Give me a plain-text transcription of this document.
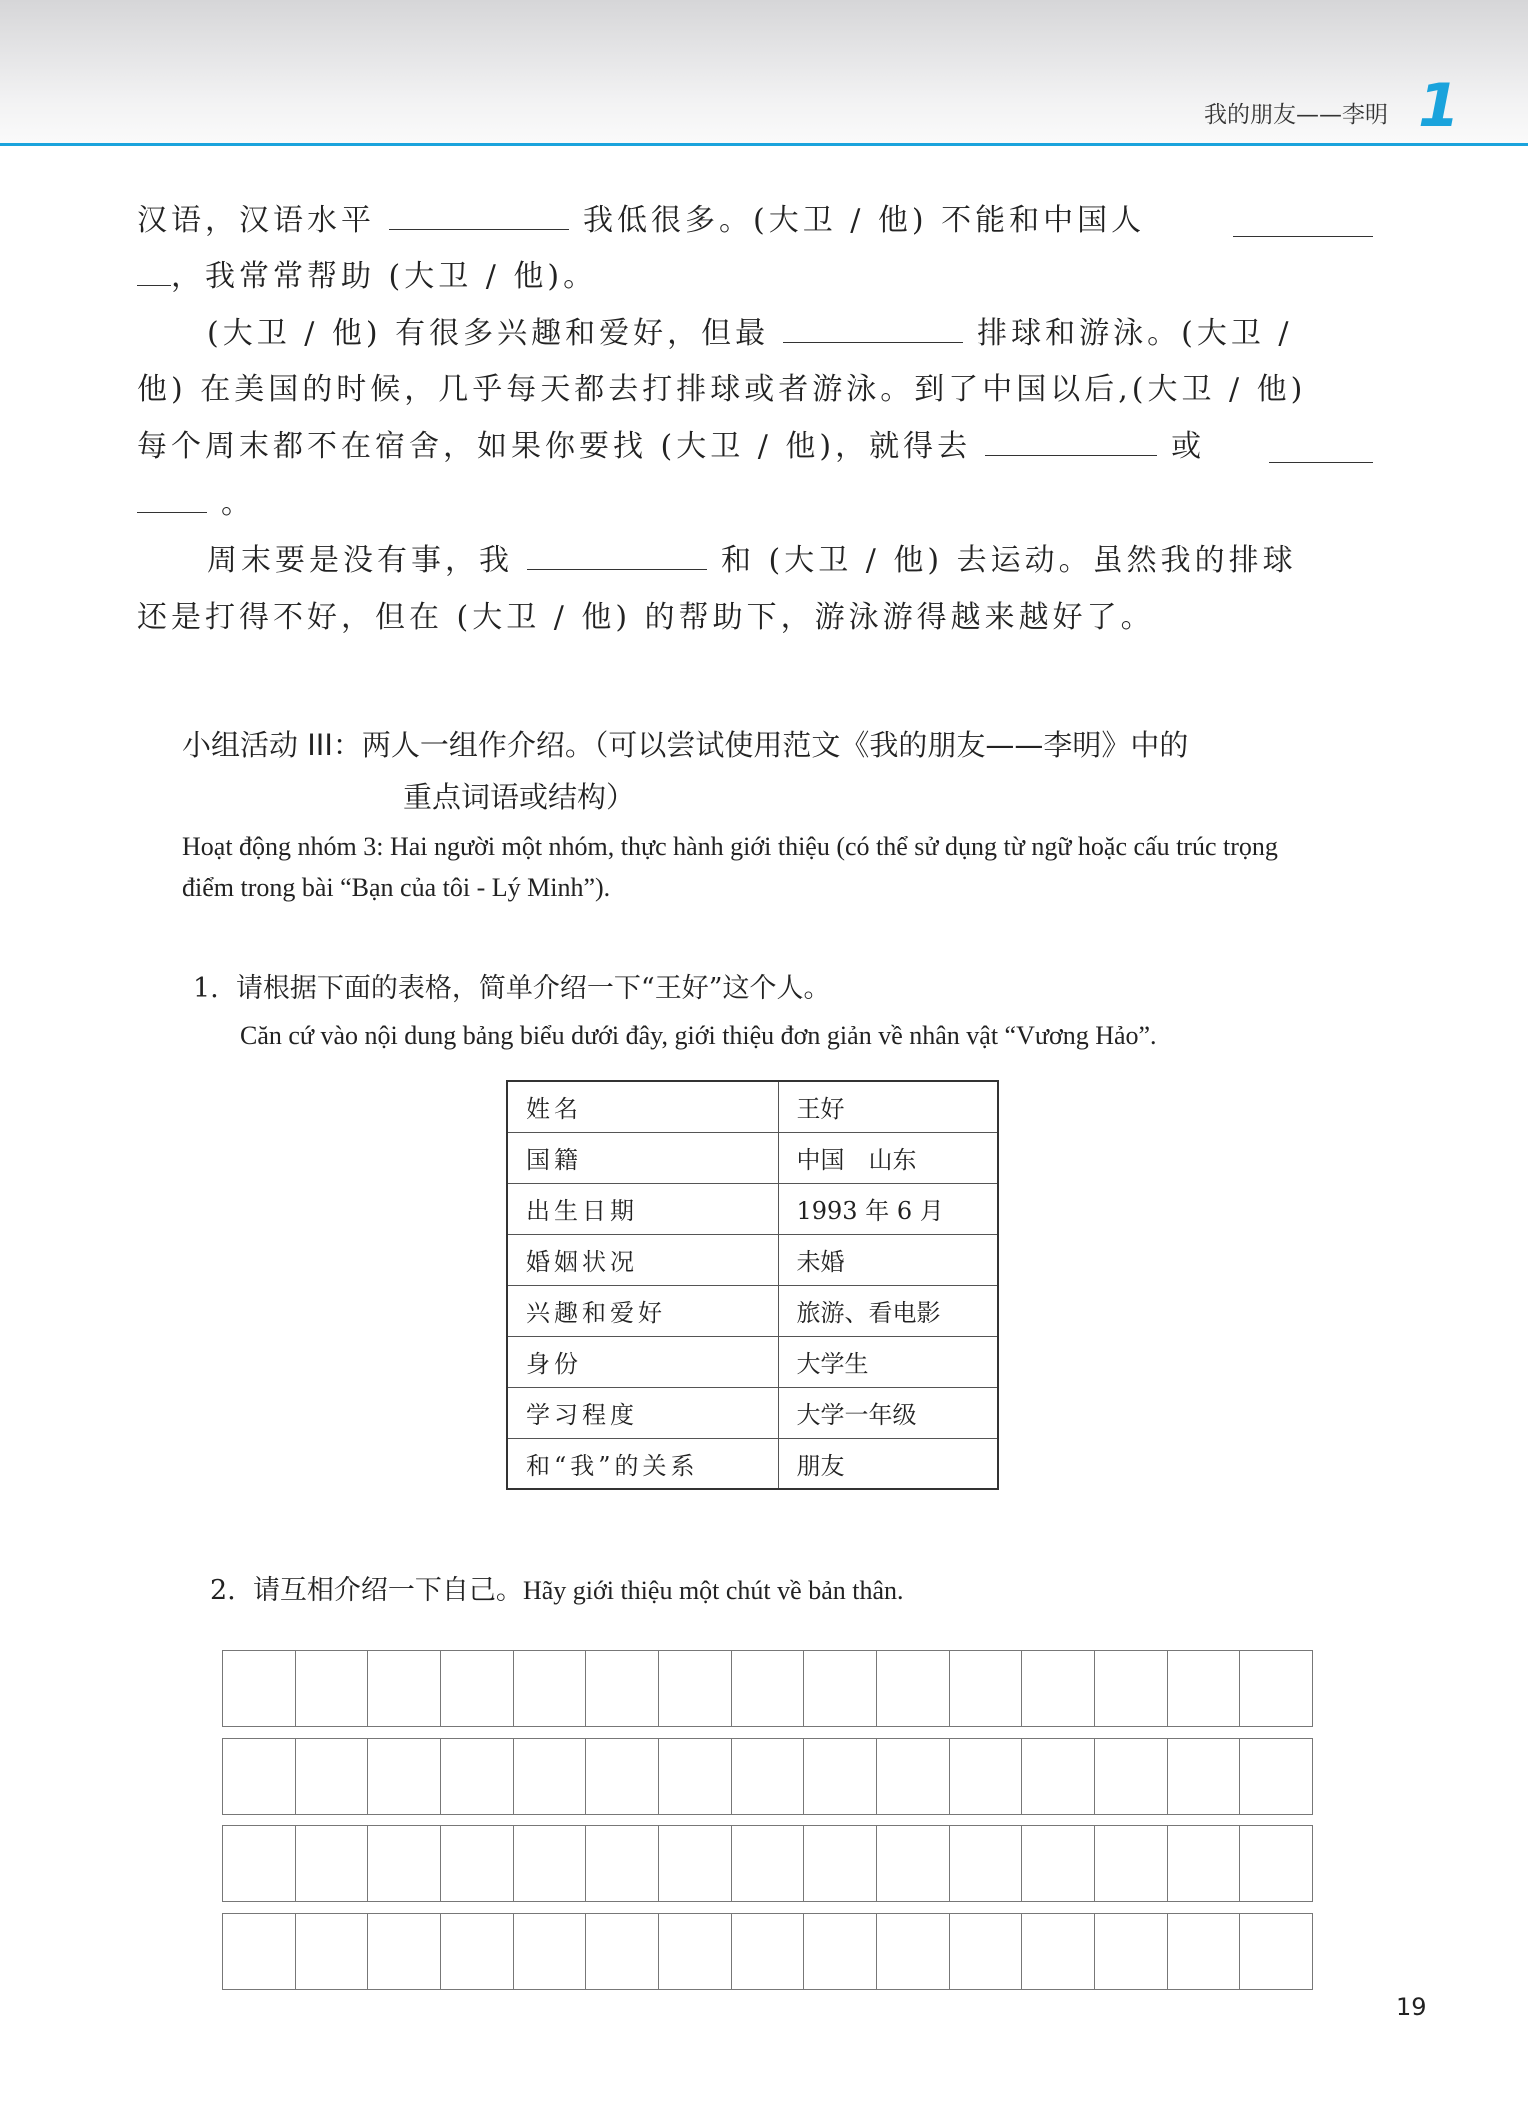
我的朋友——李明 1
汉语，汉语水平	我低很多。(大卫 / 他) 不能和中国人
，我常常帮助 (大卫 / 他)。
(大卫 / 他) 有很多兴趣和爱好，但最	排球和游泳。(大卫 /
他) 在美国的时候，几乎每天都去打排球或者游泳。到了中国以后,(大卫 / 他)
每个周末都不在宿舍，如果你要找 (大卫 / 他)，就得去	或
。
周末要是没有事，我	和 (大卫 / 他) 去运动。虽然我的排球
还是打得不好，但在 (大卫 / 他) 的帮助下，游泳游得越来越好了。
小组活动 III：两人一组作介绍。（可以尝试使用范文《我的朋友——李明》中的
重点词语或结构）
Hoạt động nhóm 3: Hai người một nhóm, thực hành giới thiệu (có thể sử dụng từ ngữ hoặc cấu trúc trọng
điểm trong bài “Bạn của tôi - Lý Minh”).
1. 请根据下面的表格，简单介绍一下“王好”这个人。
Căn cứ vào nội dung bảng biểu dưới đây, giới thiệu đơn giản về nhân vật “Vương Hảo”.
姓名	王好
国籍	中国　山东
出生日期	1993 年 6 月
婚姻状况	未婚
兴趣和爱好	旅游、看电影
身份	大学生
学习程度	大学一年级
和“我”的关系	朋友
2. 请互相介绍一下自己。Hãy giới thiệu một chút về bản thân.
19
